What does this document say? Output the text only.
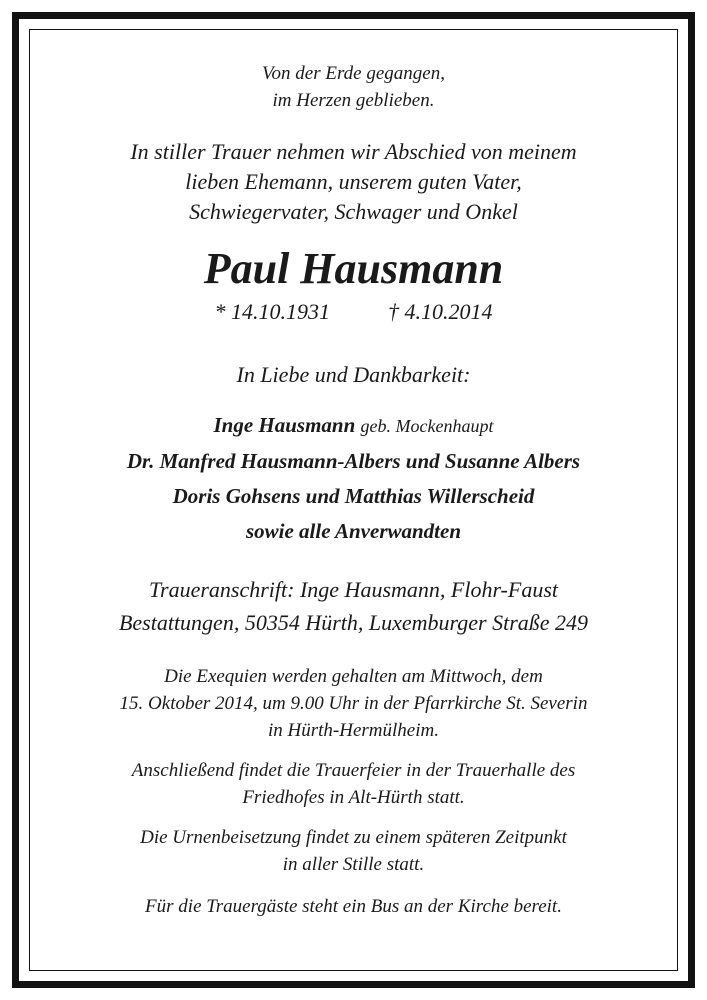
Von der Erde gegangen,
im Herzen geblieben.
In stiller Trauer nehmen wir Abschied von meinem
lieben Ehemann, unserem guten Vater,
Schwiegervater, Schwager und Onkel
Paul Hausmann
* 14.10.1931	† 4.10.2014
In Liebe und Dankbarkeit:
Inge Hausmann geb. Mockenhaupt
Dr. Manfred Hausmann-Albers und Susanne Albers
Doris Gohsens und Matthias Willerscheid
sowie alle Anverwandten
Traueranschrift: Inge Hausmann, Flohr-Faust
Bestattungen, 50354 Hürth, Luxemburger Straße 249
Die Exequien werden gehalten am Mittwoch, dem
15. Oktober 2014, um 9.00 Uhr in der Pfarrkirche St. Severin
in Hürth-Hermülheim.
Anschließend findet die Trauerfeier in der Trauerhalle des
Friedhofes in Alt-Hürth statt.
Die Urnenbeisetzung findet zu einem späteren Zeitpunkt
in aller Stille statt.
Für die Trauergäste steht ein Bus an der Kirche bereit.
